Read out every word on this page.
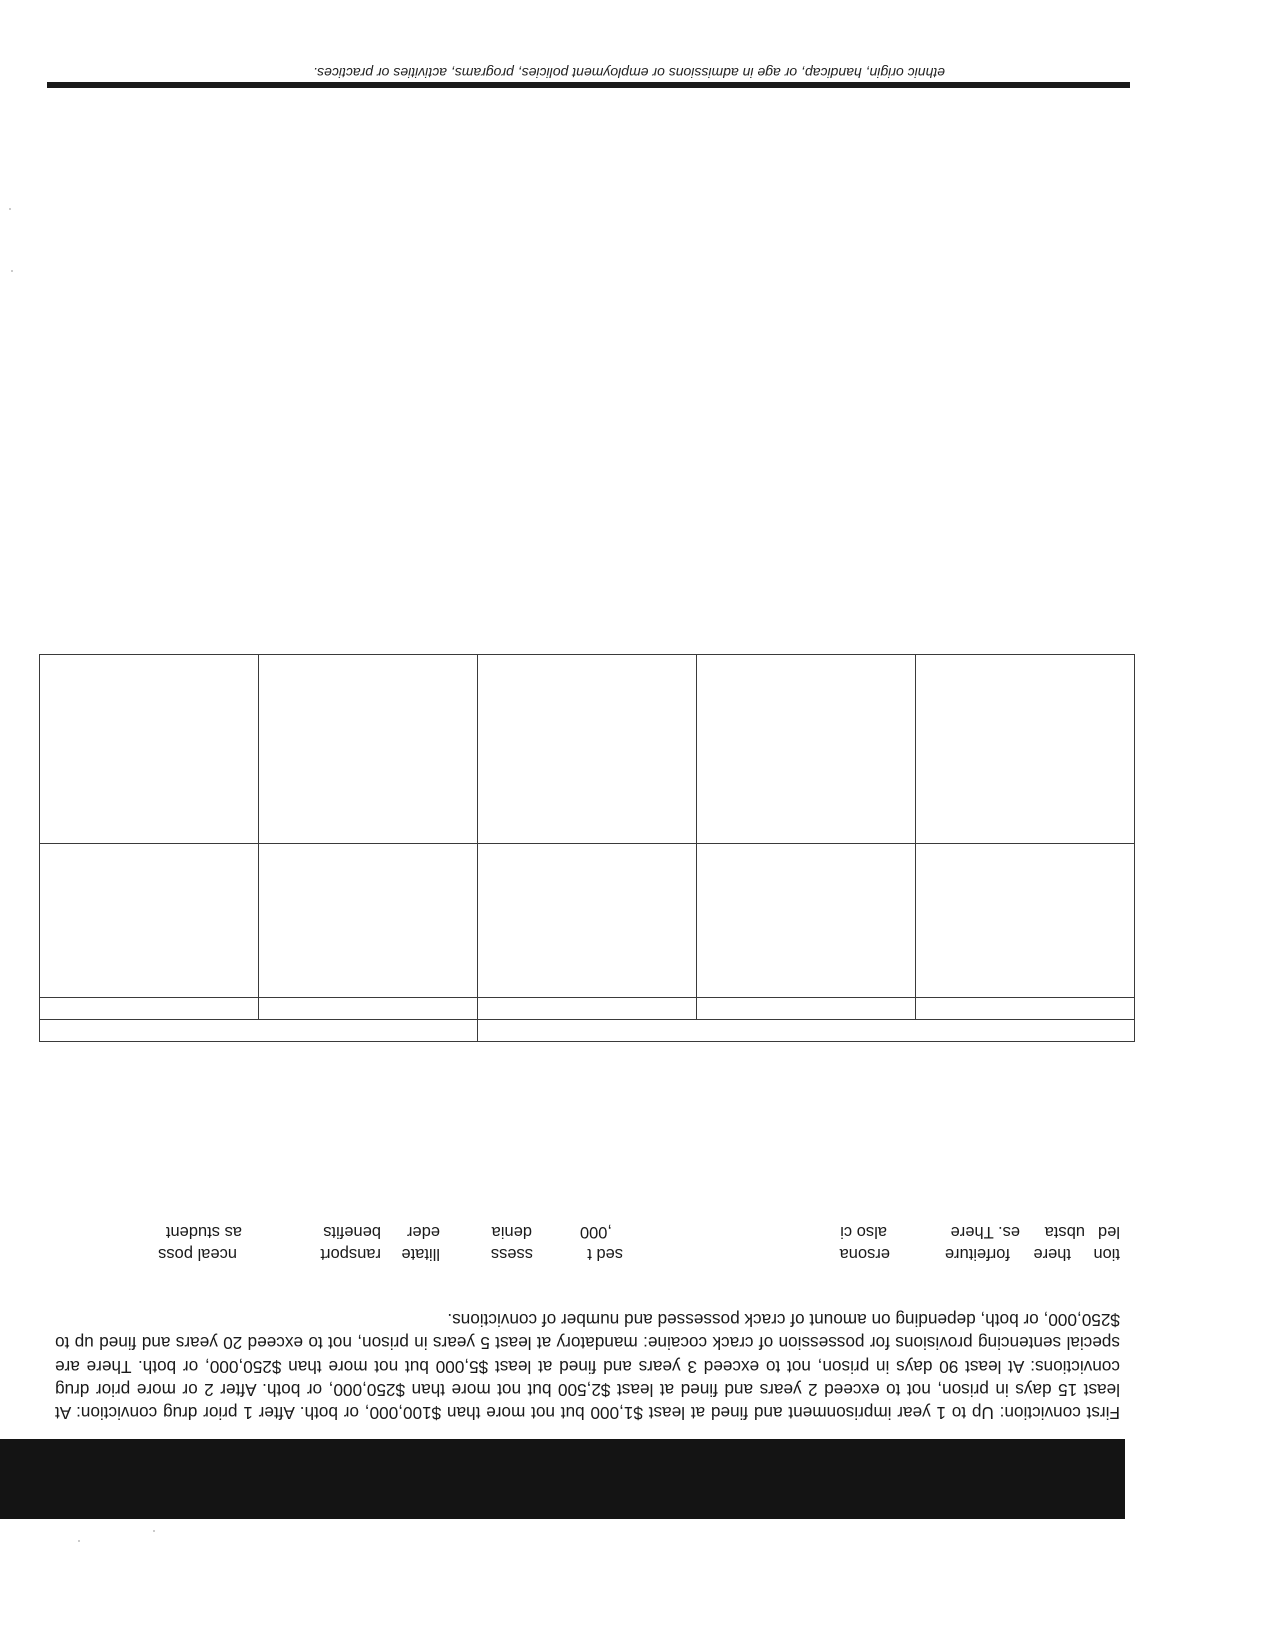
First conviction: Up to 1 year imprisonment and fined at least $1,000 but not more than $100,000, or both. After 1 prior drug conviction: At least 15 days in prison, not to exceed 2 years and fined at least $2,500 but not more than $250,000, or both. After 2 or more prior drug convictions: At least 90 days in prison, not to exceed 3 years and fined at least $5,000 but not more than $250,000, or both. There are special sentencing provisions for possession of crack cocaine: mandatory at least 5 years in prison, not to exceed 20 years and fined up to $250,000, or both, depending on amount of crack possessed and number of convictions.

tion
there
forfeiture
ersona
sed t
ssess
llitate
ransport
nceal poss
led
ubsta
es. There
also ci
,000
denia
eder
benefits
as student

ethnic origin, handicap, or age in admissions or employment policies, programs, activities or practices.
